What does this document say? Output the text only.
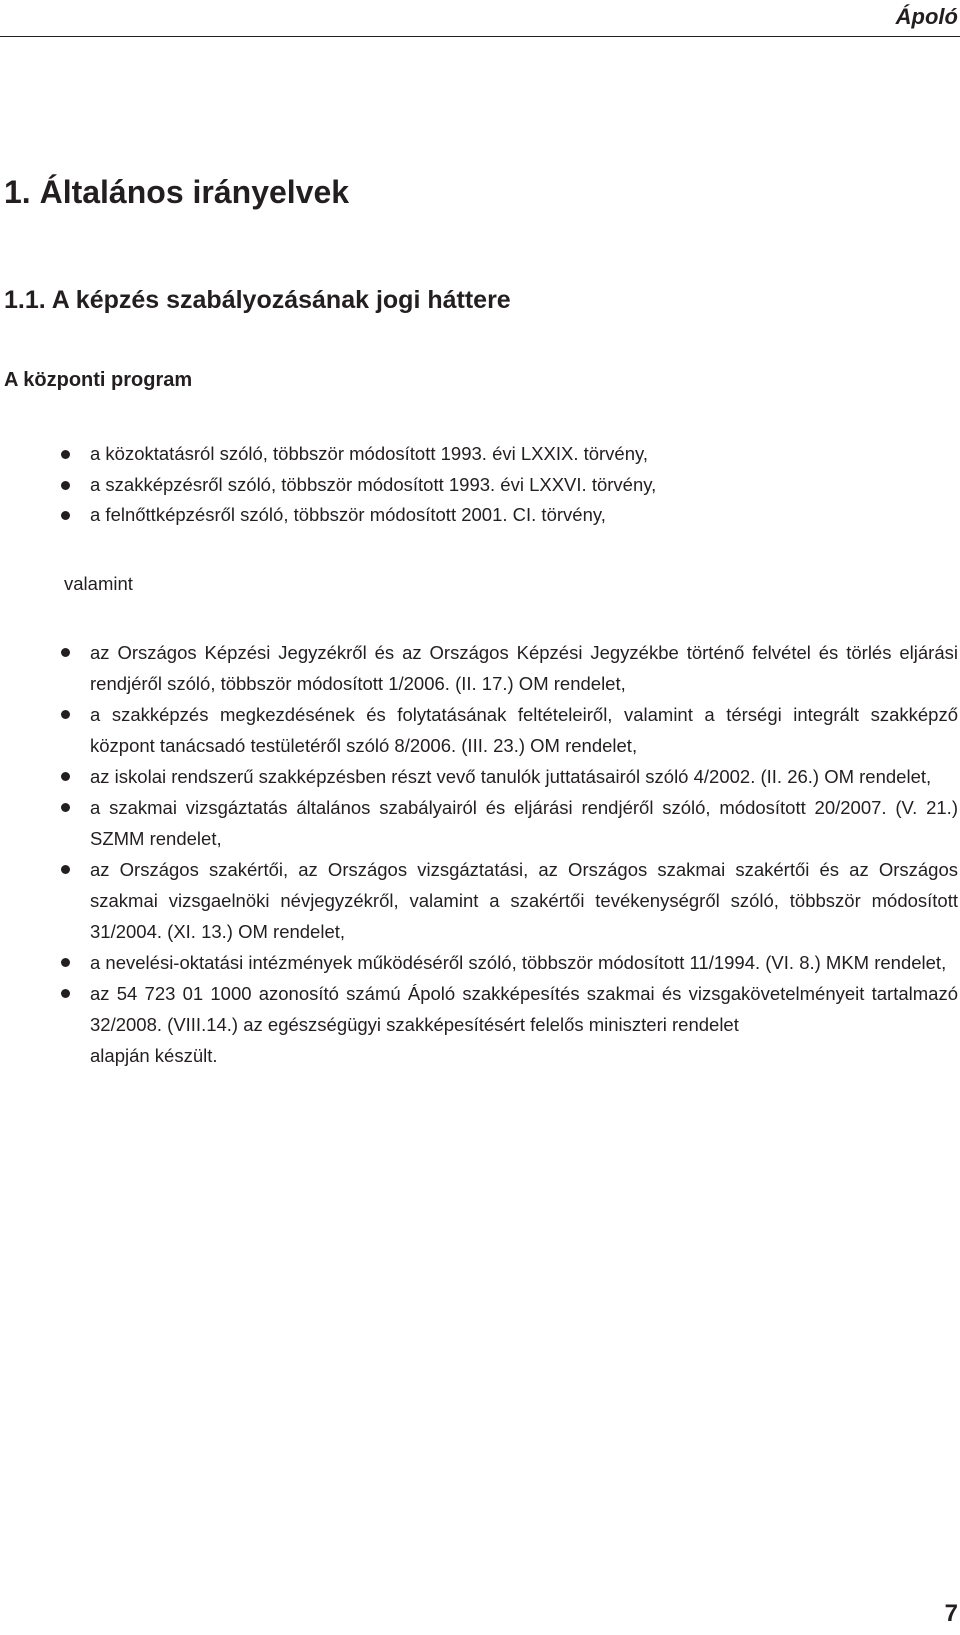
Ápoló
1. Általános irányelvek
1.1. A képzés szabályozásának jogi háttere
A központi program
a közoktatásról szóló, többször módosított 1993. évi LXXIX. törvény,
a szakképzésről szóló, többször módosított 1993. évi LXXVI. törvény,
a felnőttképzésről szóló, többször módosított 2001. CI. törvény,

valamint

az Országos Képzési Jegyzékről és az Országos Képzési Jegyzékbe történő felvétel és törlés eljárási rendjéről szóló, többször módosított 1/2006. (II. 17.) OM rendelet,
a szakképzés megkezdésének és folytatásának feltételeiről, valamint a térségi integrált szakképző központ tanácsadó testületéről szóló 8/2006. (III. 23.) OM rendelet,
az iskolai rendszerű szakképzésben részt vevő tanulók juttatásairól szóló 4/2002. (II. 26.) OM rendelet,
a szakmai vizsgáztatás általános szabályairól és eljárási rendjéről szóló, módosított 20/2007. (V. 21.) SZMM rendelet,
az Országos szakértői, az Országos vizsgáztatási, az Országos szakmai szakértői és az Országos szakmai vizsgaelnöki névjegyzékről, valamint a szakértői tevékenységről szóló, többször módosított 31/2004. (XI. 13.) OM rendelet,
a nevelési-oktatási intézmények működéséről szóló, többször módosított 11/1994. (VI. 8.) MKM rendelet,
az 54 723 01 1000 azonosító számú Ápoló szakképesítés szakmai és vizsgakövetelményeit tartalmazó 32/2008. (VIII.14.) az egészségügyi szakképesítésért felelős miniszteri rendelet

alapján készült.

7
